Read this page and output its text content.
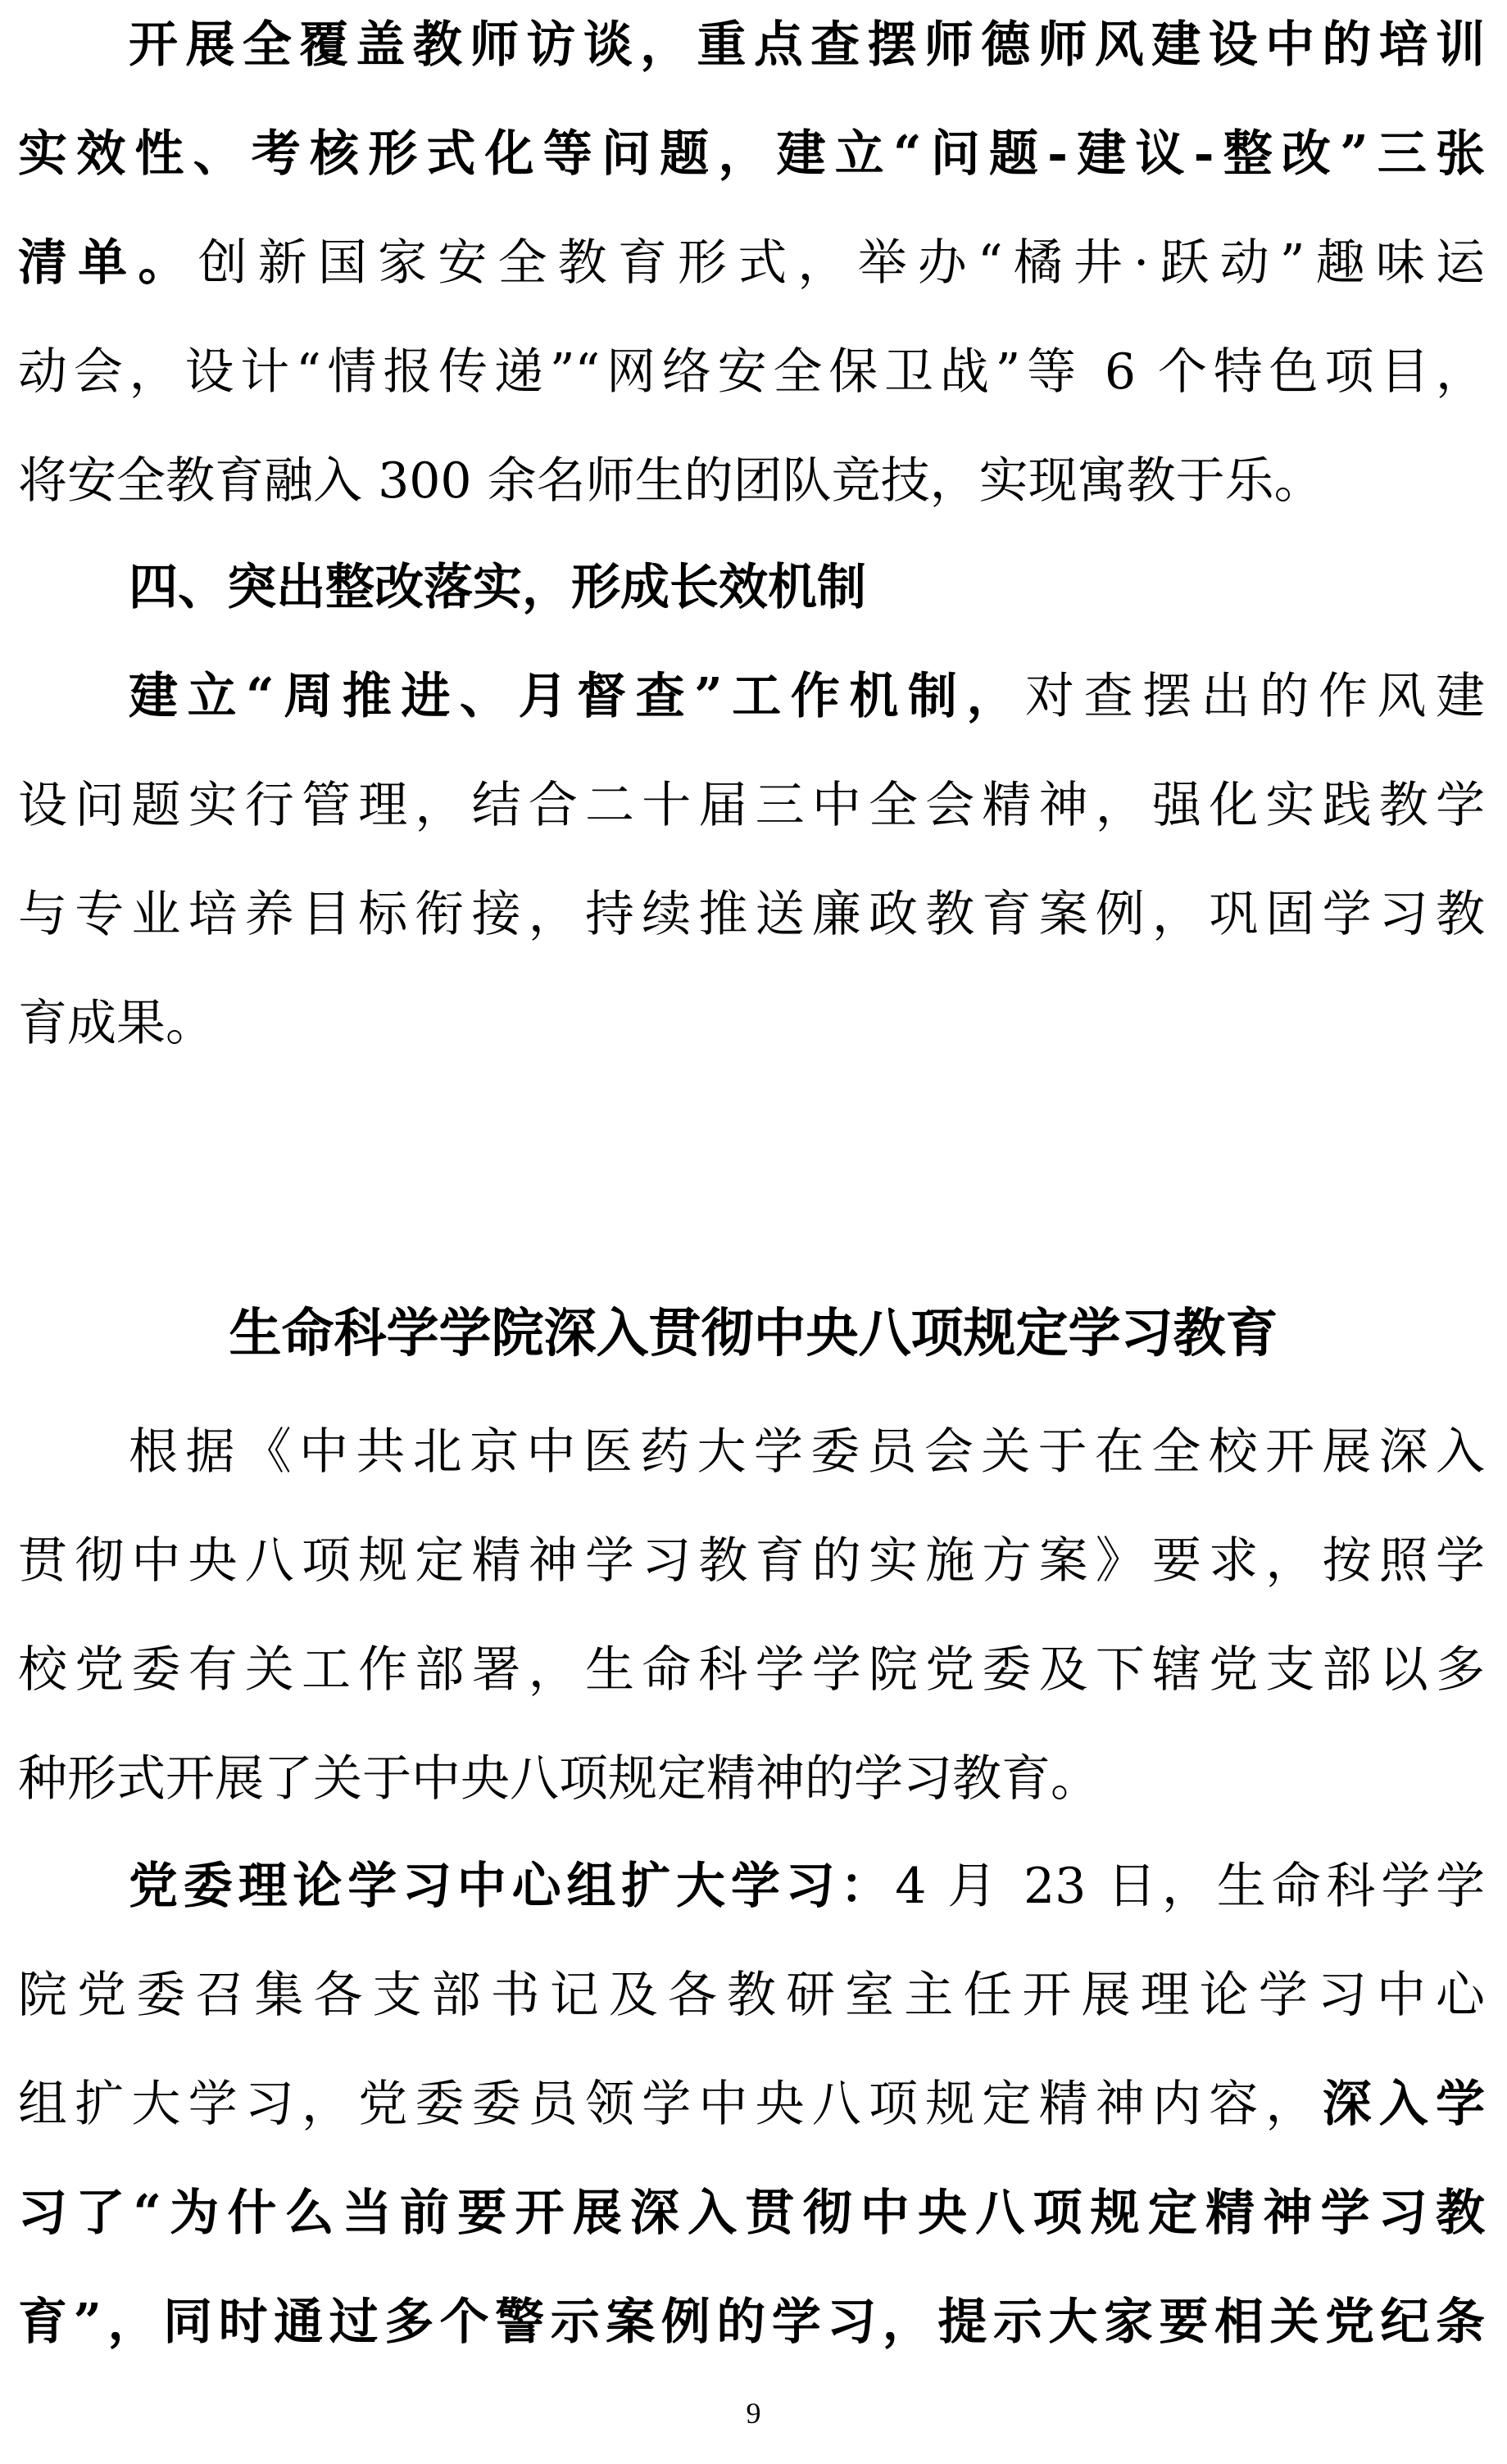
开展全覆盖教师访谈，重点查摆师德师风建设中的培训
实效性、考核形式化等问题，建立“问题-建议-整改”三张
清单。创新国家安全教育形式，举办“橘井·跃动”趣味运
动会，设计“情报传递”“网络安全保卫战”等 6 个特色项目，
将安全教育融入 300 余名师生的团队竞技，实现寓教于乐。
四、突出整改落实，形成长效机制
建立“周推进、月督查”工作机制，对查摆出的作风建
设问题实行管理，结合二十届三中全会精神，强化实践教学
与专业培养目标衔接，持续推送廉政教育案例，巩固学习教
育成果。
生命科学学院深入贯彻中央八项规定学习教育
根据《中共北京中医药大学委员会关于在全校开展深入
贯彻中央八项规定精神学习教育的实施方案》要求，按照学
校党委有关工作部署，生命科学学院党委及下辖党支部以多
种形式开展了关于中央八项规定精神的学习教育。
党委理论学习中心组扩大学习：4 月 23 日，生命科学学
院党委召集各支部书记及各教研室主任开展理论学习中心
组扩大学习，党委委员领学中央八项规定精神内容，深入学
习了“为什么当前要开展深入贯彻中央八项规定精神学习教
育”，同时通过多个警示案例的学习，提示大家要相关党纪条
9
